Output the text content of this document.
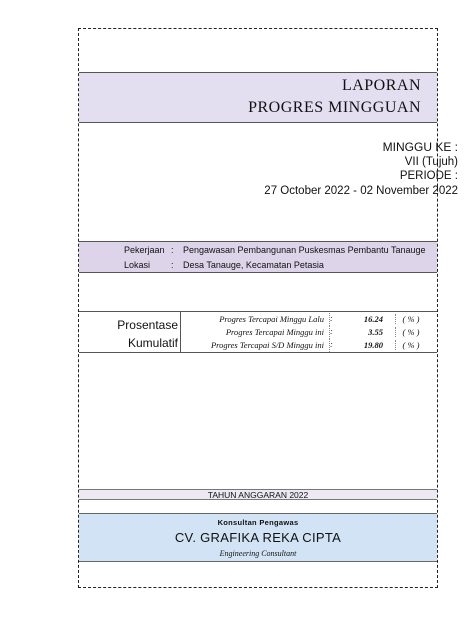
LAPORAN
PROGRES MINGGUAN
MINGGU KE :
VII (Tujuh)
PERIODE :
27 October 2022 - 02 November 2022
Pekerjaan :	Pengawasan Pembangunan Puskesmas Pembantu Tanauge
Lokasi	:	Desa Tanauge, Kecamatan Petasia
Prosentase
Kumulatif
Progres Tercapai Minggu Lalu :	16.24	( % )
Progres Tercapai Minggu ini :	3.55	( % )
Progres Tercapai S/D Minggu ini :	19.80	( % )
TAHUN ANGGARAN 2022
Konsultan Pengawas
CV. GRAFIKA REKA CIPTA
Engineering Consultant
